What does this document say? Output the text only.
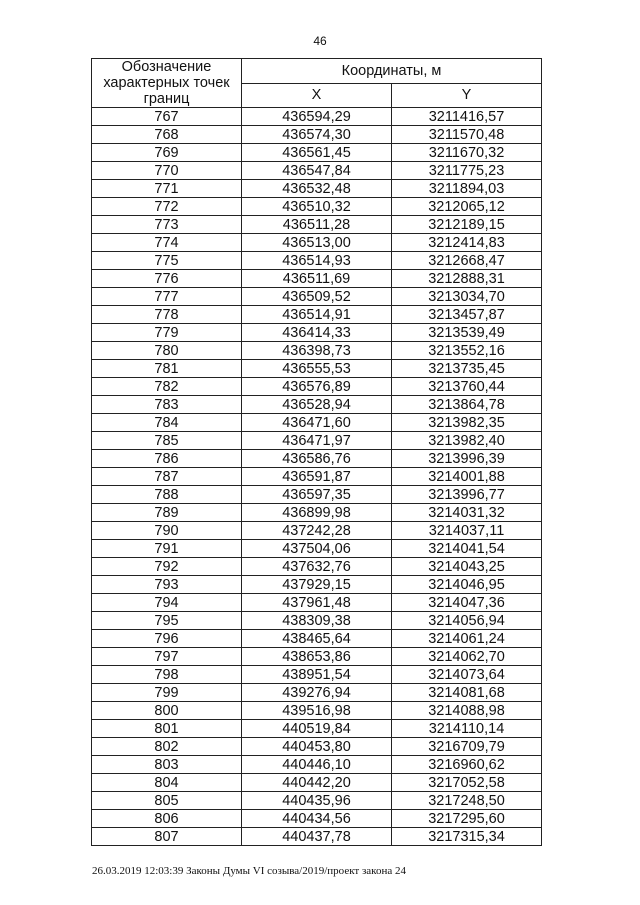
46
Обозначение характерных точек границ	Координаты, м	
	X	Y
767	436594,29	3211416,57
768	436574,30	3211570,48
769	436561,45	3211670,32
770	436547,84	3211775,23
771	436532,48	3211894,03
772	436510,32	3212065,12
773	436511,28	3212189,15
774	436513,00	3212414,83
775	436514,93	3212668,47
776	436511,69	3212888,31
777	436509,52	3213034,70
778	436514,91	3213457,87
779	436414,33	3213539,49
780	436398,73	3213552,16
781	436555,53	3213735,45
782	436576,89	3213760,44
783	436528,94	3213864,78
784	436471,60	3213982,35
785	436471,97	3213982,40
786	436586,76	3213996,39
787	436591,87	3214001,88
788	436597,35	3213996,77
789	436899,98	3214031,32
790	437242,28	3214037,11
791	437504,06	3214041,54
792	437632,76	3214043,25
793	437929,15	3214046,95
794	437961,48	3214047,36
795	438309,38	3214056,94
796	438465,64	3214061,24
797	438653,86	3214062,70
798	438951,54	3214073,64
799	439276,94	3214081,68
800	439516,98	3214088,98
801	440519,84	3214110,14
802	440453,80	3216709,79
803	440446,10	3216960,62
804	440442,20	3217052,58
805	440435,96	3217248,50
806	440434,56	3217295,60
807	440437,78	3217315,34
26.03.2019 12:03:39 Законы Думы VI созыва/2019/проект закона 24
